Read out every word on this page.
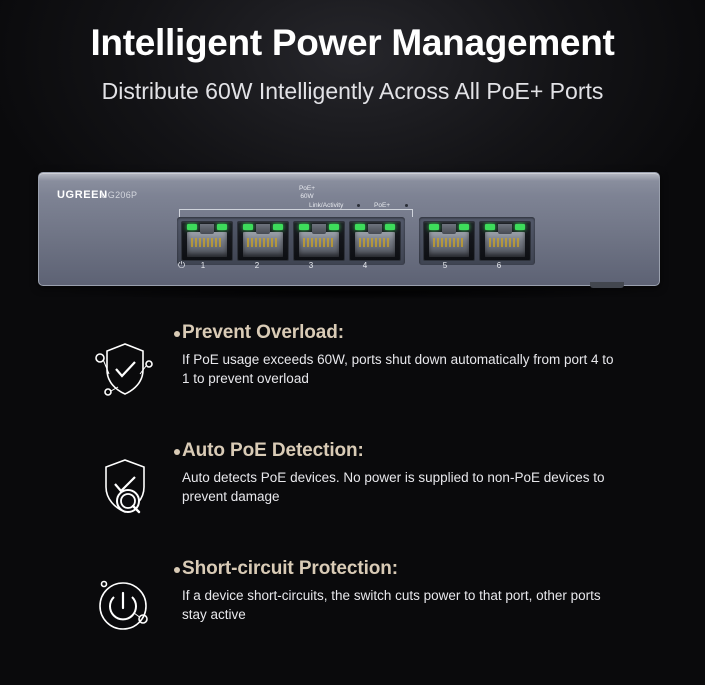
Intelligent Power Management

Distribute 60W Intelligently Across All PoE+ Ports

UGREEN
UG206P
PoE+
60W
Link/Activity	PoE+
⏻	1	2	3	4	5	6
Prevent Overload:
If PoE usage exceeds 60W, ports shut down automatically from port 4 to 1 to prevent overload
Auto PoE Detection:
Auto detects PoE devices. No power is supplied to non-PoE devices to prevent damage
Short-circuit Protection:
If a device short-circuits, the switch cuts power to that port, other ports stay active
